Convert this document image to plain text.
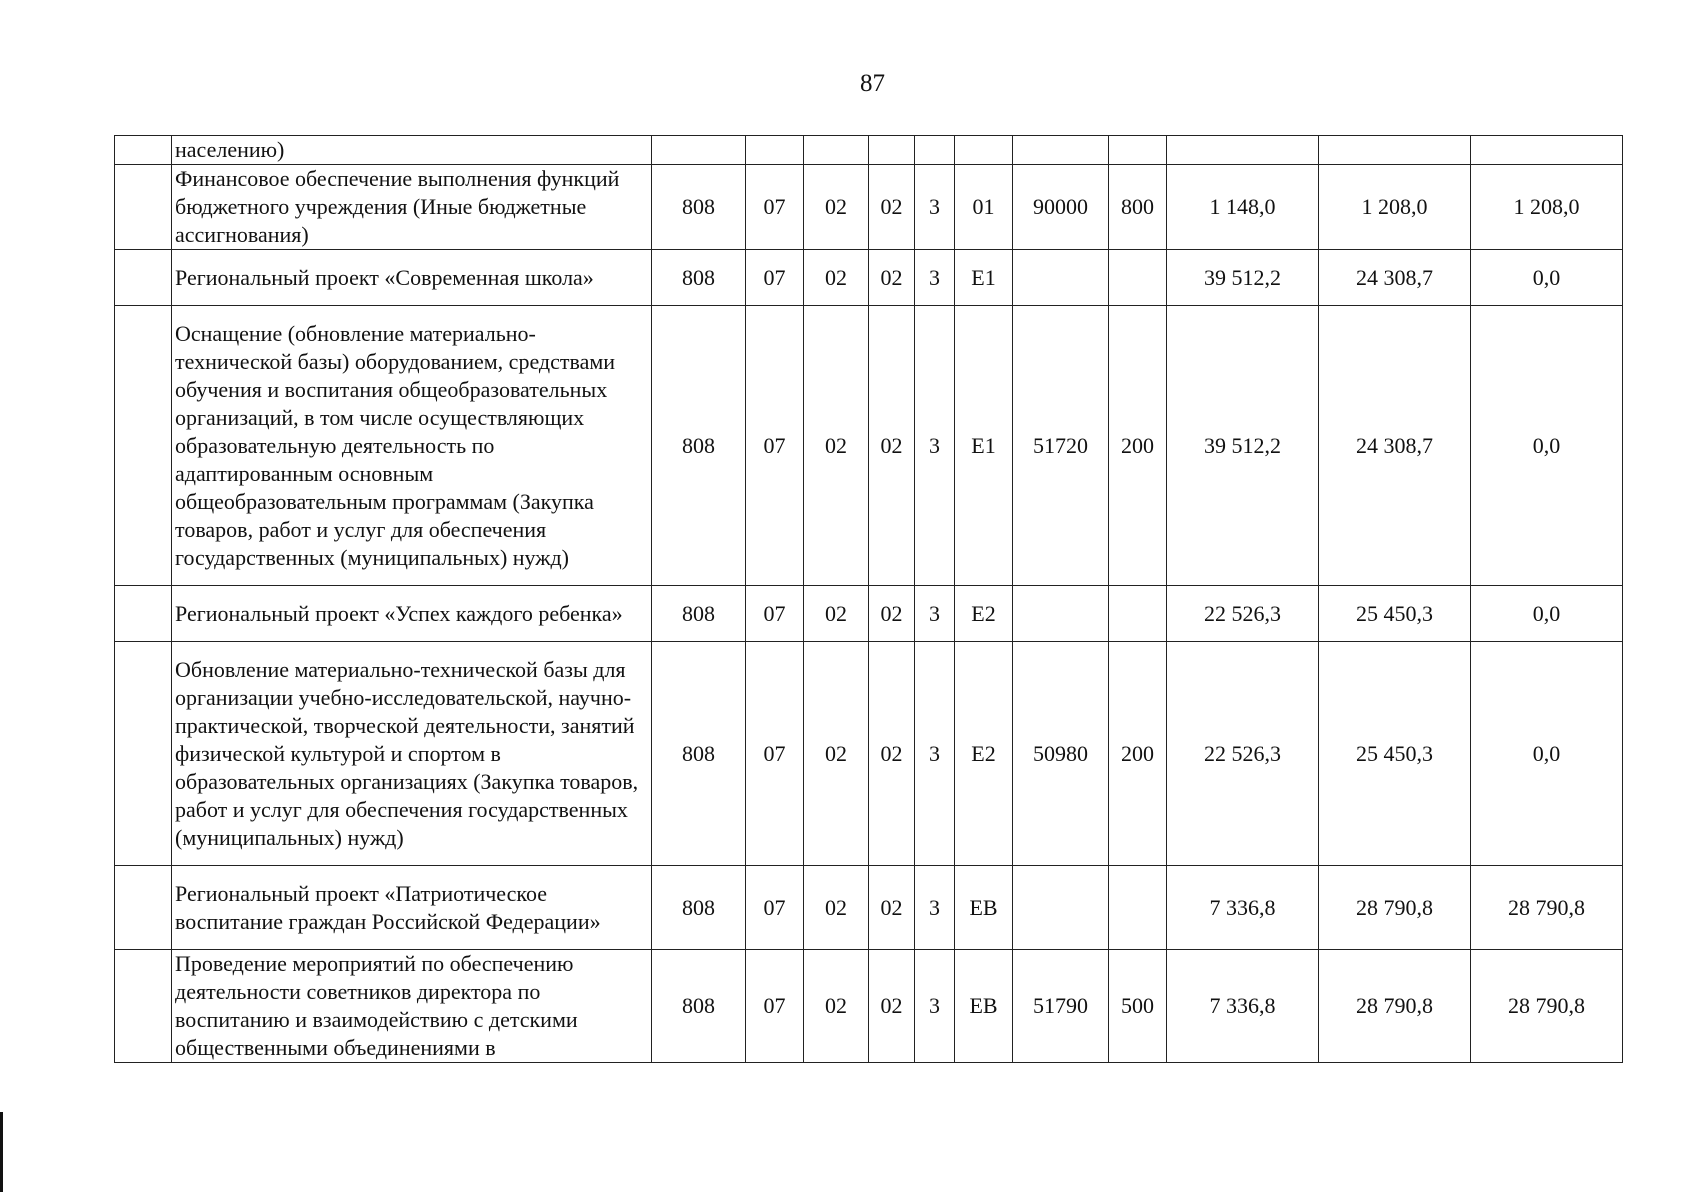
87
	населению)											
	Финансовое обеспечение выполнения функций бюджетного учреждения (Иные бюджетные ассигнования)	808	07	02	02	3	01	90000	800	1 148,0	1 208,0	1 208,0
	Региональный проект «Современная школа»	808	07	02	02	3	E1			39 512,2	24 308,7	0,0
	Оснащение (обновление материально-технической базы) оборудованием, средствами обучения и воспитания общеобразовательных организаций, в том числе осуществляющих образовательную деятельность по адаптированным основным общеобразовательным программам (Закупка товаров, работ и услуг для обеспечения государственных (муниципальных) нужд)	808	07	02	02	3	E1	51720	200	39 512,2	24 308,7	0,0
	Региональный проект «Успех каждого ребенка»	808	07	02	02	3	E2			22 526,3	25 450,3	0,0
	Обновление материально-технической базы для организации учебно-исследовательской, научно-практической, творческой деятельности, занятий физической культурой и спортом в образовательных организациях (Закупка товаров, работ и услуг для обеспечения государственных (муниципальных) нужд)	808	07	02	02	3	E2	50980	200	22 526,3	25 450,3	0,0
	Региональный проект «Патриотическое воспитание граждан Российской Федерации»	808	07	02	02	3	EB			7 336,8	28 790,8	28 790,8
	Проведение мероприятий по обеспечению деятельности советников директора по воспитанию и взаимодействию с детскими общественными объединениями в	808	07	02	02	3	EB	51790	500	7 336,8	28 790,8	28 790,8
